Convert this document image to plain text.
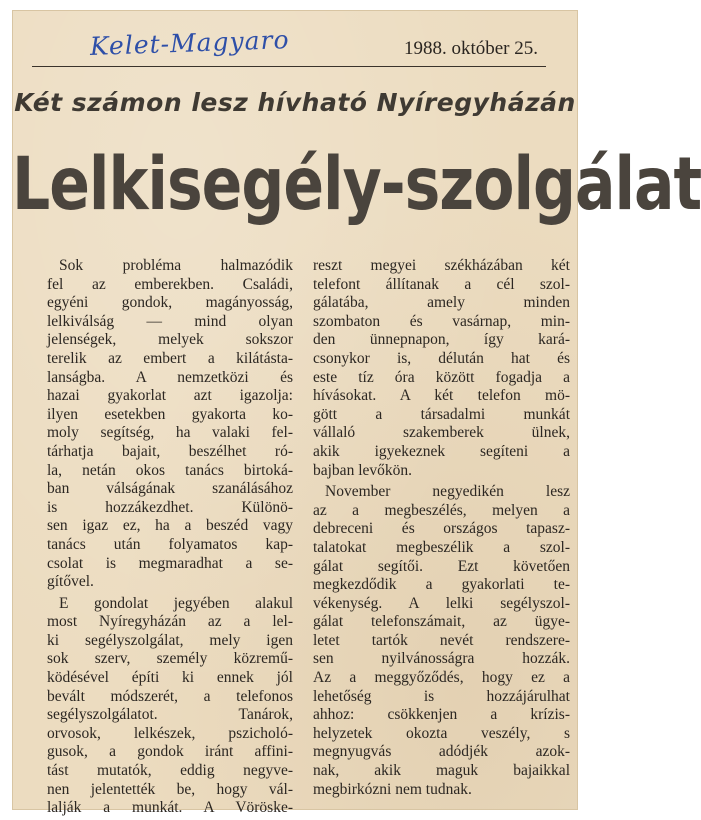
Kelet-Magyaro	1988. október 25.
Két számon lesz hívható Nyíregyházán
Lelkisegély-szolgálat
Sok probléma halmazódik
fel az emberekben. Családi,
egyéni gondok, magányosság,
lelkiválság — mind olyan
jelenségek, melyek sokszor
terelik az embert a kilátásta-
lanságba. A nemzetközi és
hazai gyakorlat azt igazolja:
ilyen esetekben gyakorta ko-
moly segítség, ha valaki fel-
tárhatja bajait, beszélhet ró-
la, netán okos tanács birtoká-
ban válságának szanálásához
is hozzákezdhet. Különö-
sen igaz ez, ha a beszéd vagy
tanács után folyamatos kap-
csolat is megmaradhat a se-
gítővel.
E gondolat jegyében alakul
most Nyíregyházán az a lel-
ki segélyszolgálat, mely igen
sok szerv, személy közremű-
ködésével építi ki ennek jól
bevált módszerét, a telefonos
segélyszolgálatot. Tanárok,
orvosok, lelkészek, pszicholó-
gusok, a gondok iránt affini-
tást mutatók, eddig negyve-
nen jelentették be, hogy vál-
lalják a munkát. A Vöröske-
reszt megyei székházában két
telefont állítanak a cél szol-
gálatába, amely minden
szombaton és vasárnap, min-
den ünnepnapon, így kará-
csonykor is, délután hat és
este tíz óra között fogadja a
hívásokat. A két telefon mö-
gött a társadalmi munkát
vállaló szakemberek ülnek,
akik igyekeznek segíteni a
bajban levőkön.
November negyedikén lesz
az a megbeszélés, melyen a
debreceni és országos tapasz-
talatokat megbeszélik a szol-
gálat segítői. Ezt követően
megkezdődik a gyakorlati te-
vékenység. A lelki segélyszol-
gálat telefonszámait, az ügye-
letet tartók nevét rendszere-
sen nyilvánosságra hozzák.
Az a meggyőződés, hogy ez a
lehetőség is hozzájárulhat
ahhoz: csökkenjen a krízis-
helyzetek okozta veszély, s
megnyugvás adódjék azok-
nak, akik maguk bajaikkal
megbirkózni nem tudnak.
